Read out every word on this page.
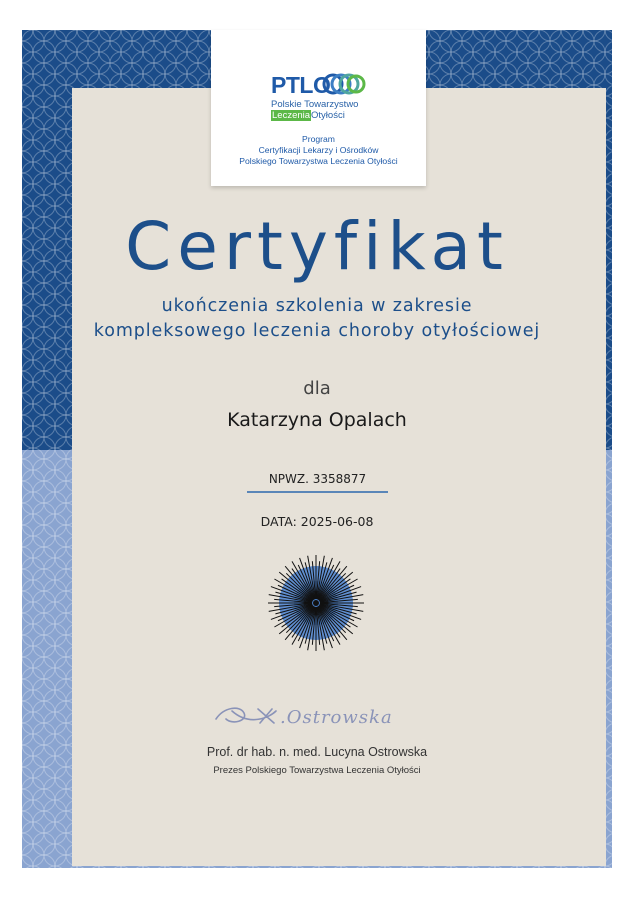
PTLO
Polskie Towarzystwo
LeczeniaOtyłości
Program
Certyfikacji Lekarzy i Ośrodków
Polskiego Towarzystwa Leczenia Otyłości
Certyfikat
ukończenia szkolenia w zakresie
kompleksowego leczenia choroby otyłościowej
dla
Katarzyna Opalach
NPWZ. 3358877
DATA: 2025-06-08
.Ostrowska
Prof. dr hab. n. med. Lucyna Ostrowska
Prezes Polskiego Towarzystwa Leczenia Otyłości
